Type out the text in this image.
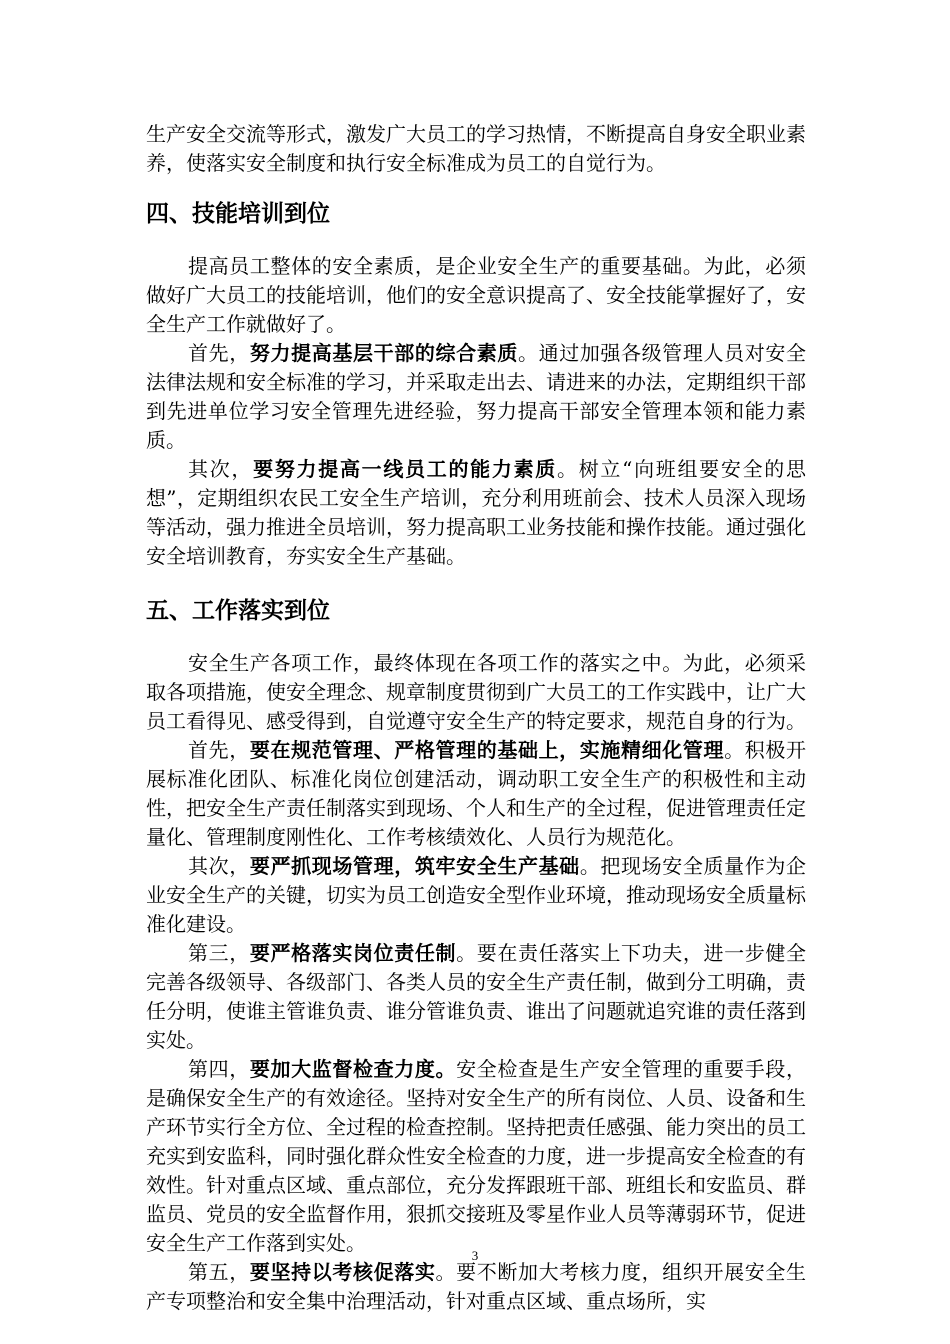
生产安全交流等形式，激发广大员工的学习热情，不断提高自身安全职业素养，使落实安全制度和执行安全标准成为员工的自觉行为。

四、技能培训到位

提高员工整体的安全素质，是企业安全生产的重要基础。为此，必须做好广大员工的技能培训，他们的安全意识提高了、安全技能掌握好了，安全生产工作就做好了。

首先，努力提高基层干部的综合素质。通过加强各级管理人员对安全法律法规和安全标准的学习，并采取走出去、请进来的办法，定期组织干部到先进单位学习安全管理先进经验，努力提高干部安全管理本领和能力素质。

其次，要努力提高一线员工的能力素质。树立“向班组要安全的思想”，定期组织农民工安全生产培训，充分利用班前会、技术人员深入现场等活动，强力推进全员培训，努力提高职工业务技能和操作技能。通过强化安全培训教育，夯实安全生产基础。

五、工作落实到位

安全生产各项工作，最终体现在各项工作的落实之中。为此，必须采取各项措施，使安全理念、规章制度贯彻到广大员工的工作实践中，让广大员工看得见、感受得到，自觉遵守安全生产的特定要求，规范自身的行为。

首先，要在规范管理、严格管理的基础上，实施精细化管理。积极开展标准化团队、标准化岗位创建活动，调动职工安全生产的积极性和主动性，把安全生产责任制落实到现场、个人和生产的全过程，促进管理责任定量化、管理制度刚性化、工作考核绩效化、人员行为规范化。

其次，要严抓现场管理，筑牢安全生产基础。把现场安全质量作为企业安全生产的关键，切实为员工创造安全型作业环境，推动现场安全质量标准化建设。

第三，要严格落实岗位责任制。要在责任落实上下功夫，进一步健全完善各级领导、各级部门、各类人员的安全生产责任制，做到分工明确，责任分明，使谁主管谁负责、谁分管谁负责、谁出了问题就追究谁的责任落到实处。

第四，要加大监督检查力度。安全检查是生产安全管理的重要手段，是确保安全生产的有效途径。坚持对安全生产的所有岗位、人员、设备和生产环节实行全方位、全过程的检查控制。坚持把责任感强、能力突出的员工充实到安监科，同时强化群众性安全检查的力度，进一步提高安全检查的有效性。针对重点区域、重点部位，充分发挥跟班干部、班组长和安监员、群监员、党员的安全监督作用，狠抓交接班及零星作业人员等薄弱环节，促进安全生产工作落到实处。

第五，要坚持以考核促落实。要不断加大考核力度，组织开展安全生产专项整治和安全集中治理活动，针对重点区域、重点场所，实

3
